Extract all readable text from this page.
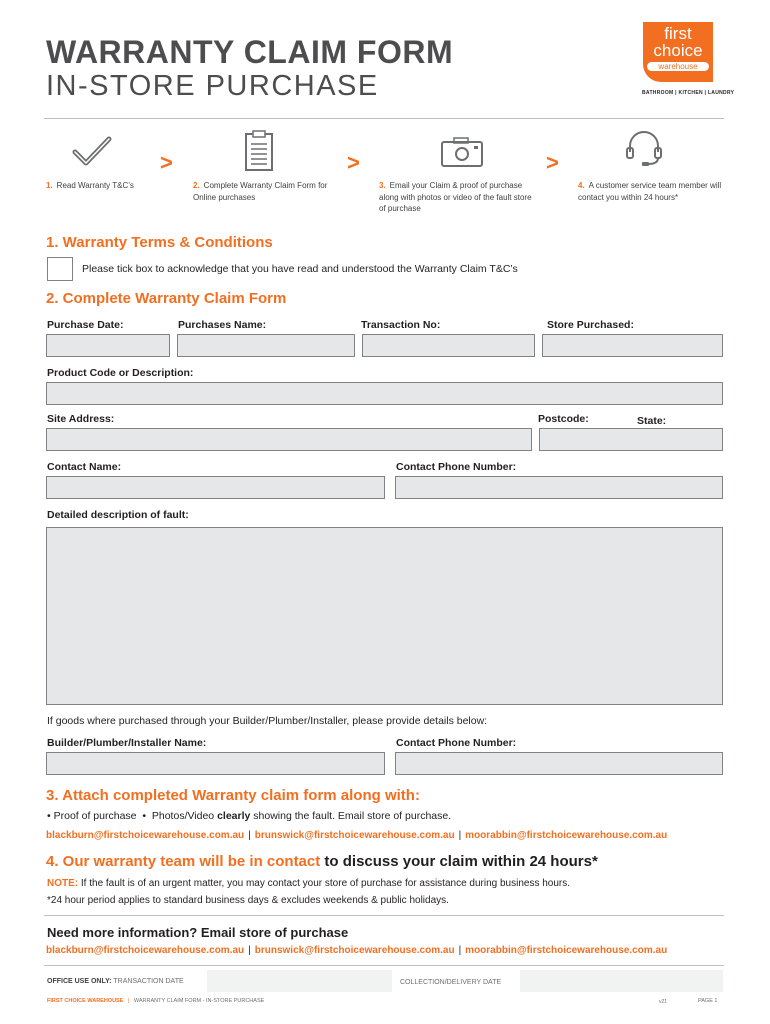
WARRANTY CLAIM FORM
IN-STORE PURCHASE
first
choice
warehouse
BATHROOM | KITCHEN | LAUNDRY
>	>	>
1. Read Warranty T&C’s	2. Complete Warranty Claim Form for Online purchases
3. Email your Claim & proof of purchase along with photos or video of the fault store of purchase
4. A customer service team member will contact you within 24 hours*
1. Warranty Terms & Conditions
Please tick box to acknowledge that you have read and understood the Warranty Claim T&C’s
2. Complete Warranty Claim Form
Purchase Date:	Purchases Name:	Transaction No:	Store Purchased:
Product Code or Description:
Site Address:	Postcode:	State:
Contact Name:	Contact Phone Number:
Detailed description of fault:
If goods where purchased through your Builder/Plumber/Installer, please provide details below:
Builder/Plumber/Installer Name:	Contact Phone Number:
3. Attach completed Warranty claim form along with:
• Proof of purchase • Photos/Video clearly showing the fault. Email store of purchase.
blackburn@firstchoicewarehouse.com.au | brunswick@firstchoicewarehouse.com.au | moorabbin@firstchoicewarehouse.com.au
4. Our warranty team will be in contact to discuss your claim within 24 hours*
NOTE: If the fault is of an urgent matter, you may contact your store of purchase for assistance during business hours.
*24 hour period applies to standard business days & excludes weekends & public holidays.
Need more information? Email store of purchase
blackburn@firstchoicewarehouse.com.au | brunswick@firstchoicewarehouse.com.au | moorabbin@firstchoicewarehouse.com.au
OFFICE USE ONLY: TRANSACTION DATE	COLLECTION/DELIVERY DATE
FIRST CHOICE WAREHOUSE | WARRANTY CLAIM FORM - IN-STORE PURCHASE	v21	PAGE 1
